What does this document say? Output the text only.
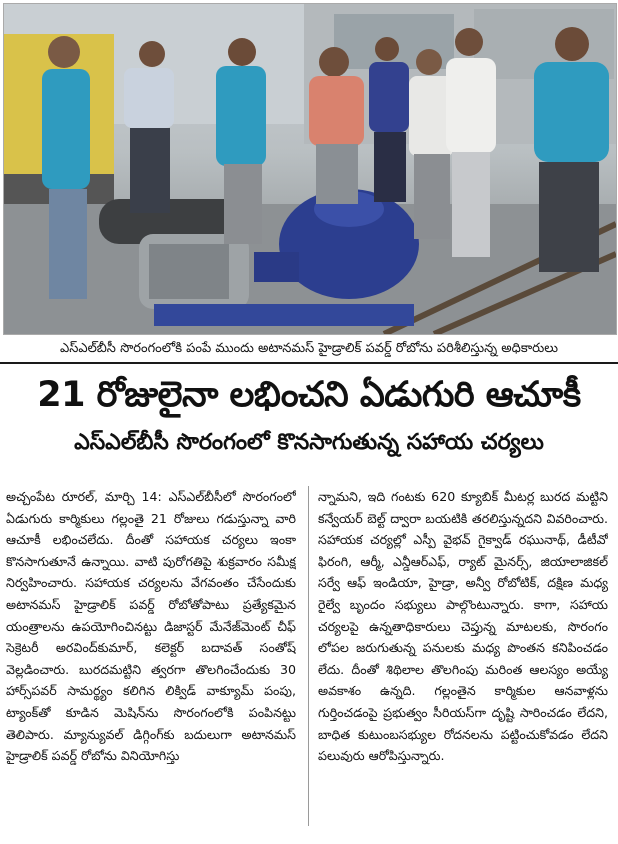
ఎస్ఎల్‌బీసీ సొరంగంలోకి పంపే ముందు అటానమస్ హైడ్రాలిక్ పవర్డ్ రోబోను పరిశీలిస్తున్న అధికారులు
21 రోజులైనా లభించని ఏడుగురి ఆచూకీ
ఎస్ఎల్‌బీసీ సొరంగంలో కొనసాగుతున్న సహాయ చర్యలు

అచ్చంపేట రూరల్, మార్చి 14: ఎస్ఎల్‌బీసీలో సొరంగంలో ఏడుగురు కార్మికులు గల్లంతై 21 రోజులు గడుస్తున్నా వారి ఆచూకీ లభించలేదు. దీంతో సహాయక చర్యలు ఇంకా కొనసాగుతూనే ఉన్నాయి. వాటి పురోగతిపై శుక్రవారం సమీక్ష నిర్వహించారు. సహాయక చర్యలను వేగవంతం చేసేందుకు అటానమస్ హైడ్రాలిక్ పవర్డ్ రోబోతోపాటు ప్రత్యేకమైన యంత్రాలను ఉపయోగించినట్టు డిజాస్టర్ మేనేజ్‌మెంట్ చీఫ్ సెక్రెటరీ అరవింద్‌కుమార్, కలెక్టర్ బదావత్ సంతోష్ వెల్లడించారు. బురదమట్టిని త్వరగా తొలగించేందుకు 30 హార్స్‌పవర్ సామర్థ్యం కలిగిన లిక్విడ్ వాక్యూమ్ పంపు, ట్యాంక్‌తో కూడిన మెషిన్‌ను సొరంగంలోకి పంపినట్టు తెలిపారు. మ్యాన్యువల్ డిగ్గింగ్‌కు బదులుగా అటానమస్ హైడ్రాలిక్ పవర్డ్ రోబోను వినియోగిస్తు

న్నామని, ఇది గంటకు 620 క్యూబిక్ మీటర్ల బురద మట్టిని కన్వేయర్ బెల్ట్ ద్వారా బయటికి తరలిస్తున్నదని వివరించారు. సహాయక చర్యల్లో ఎస్పీ వైభవ్ గైక్వాడ్ రఘునాథ్, డీటీవో ఫిరంగి, ఆర్మీ, ఎన్డీఆర్ఎఫ్, ర్యాట్ మైనర్స్, జియాలాజికల్ సర్వే ఆఫ్ ఇండియా, హైడ్రా, అన్వీ రోబోటిక్, దక్షిణ మధ్య రైల్వే బృందం సభ్యులు పాల్గొంటున్నారు. కాగా, సహాయ చర్యలపై ఉన్నతాధికారులు చెప్తున్న మాటలకు, సొరంగం లోపల జరుగుతున్న పనులకు మధ్య పొంతన కనిపించడం లేదు. దీంతో శిథిలాల తొలగింపు మరింత ఆలస్యం అయ్యే అవకాశం ఉన్నది. గల్లంతైన కార్మికుల ఆనవాళ్లను గుర్తించడంపై ప్రభుత్వం సీరియస్‌గా దృష్టి సారించడం లేదని, బాధిత కుటుంబసభ్యుల రోదనలను పట్టించుకోవడం లేదని పలువురు ఆరోపిస్తున్నారు.
